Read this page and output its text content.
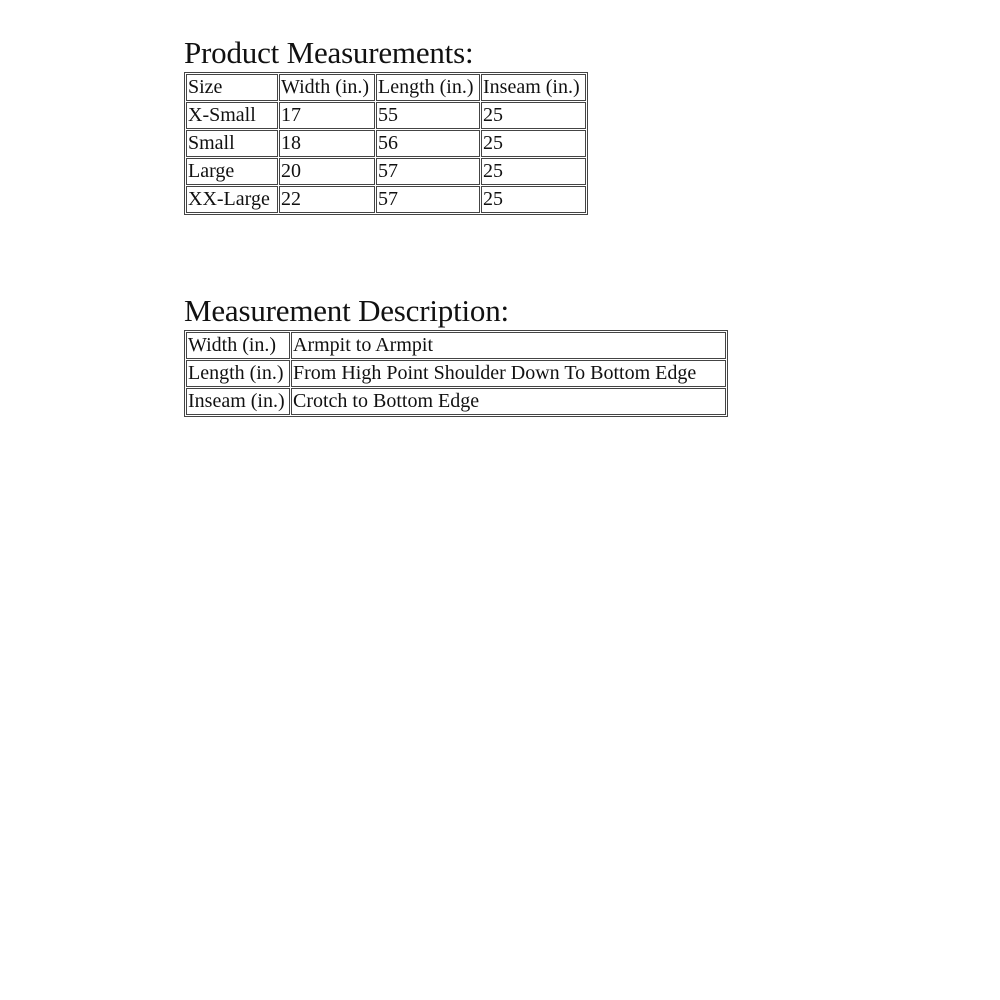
Product Measurements:
Size	Width (in.)	Length (in.)	Inseam (in.)
X-Small	17	55	25
Small	18	56	25
Large	20	57	25
XX-Large	22	57	25
Measurement Description:
Width (in.)	Armpit to Armpit
Length (in.)	From High Point Shoulder Down To Bottom Edge
Inseam (in.)	Crotch to Bottom Edge
